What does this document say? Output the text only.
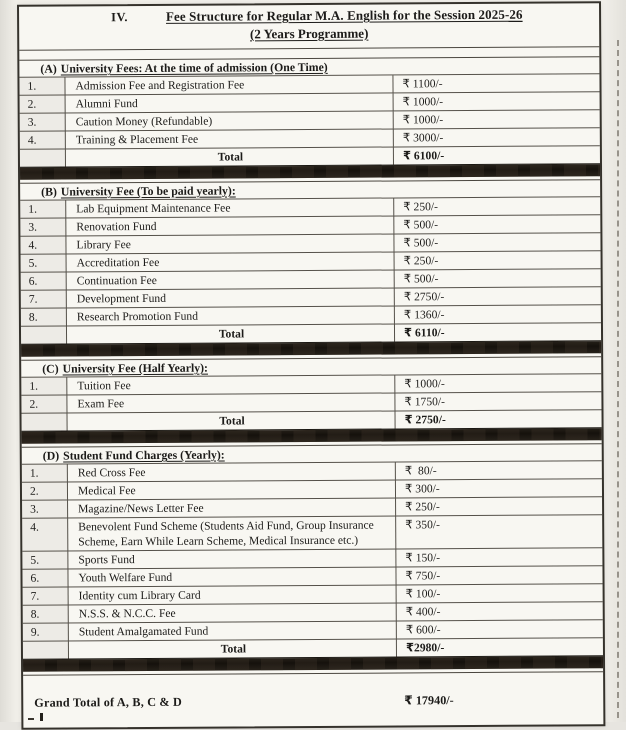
IV.	Fee Structure for Regular M.A. English for the Session 2025-26
(2 Years Programme)
(A) University Fees: At the time of admission (One Time)
1.	Admission Fee and Registration Fee	₹ 1100/-
2.	Alumni Fund	₹ 1000/-
3.	Caution Money (Refundable)	₹ 1000/-
4.	Training & Placement Fee	₹ 3000/-
Total	₹ 6100/-
(B) University Fee (To be paid yearly):
1.	Lab Equipment Maintenance Fee	₹ 250/-
3.	Renovation Fund	₹ 500/-
4.	Library Fee	₹ 500/-
5.	Accreditation Fee	₹ 250/-
6.	Continuation Fee	₹ 500/-
7.	Development Fund	₹ 2750/-
8.	Research Promotion Fund	₹ 1360/-
Total	₹ 6110/-
(C) University Fee (Half Yearly):
1.	Tuition Fee	₹ 1000/-
2.	Exam Fee	₹ 1750/-
Total	₹ 2750/-
(D) Student Fund Charges (Yearly):
1.	Red Cross Fee	₹  80/-
2.	Medical Fee	₹ 300/-
3.	Magazine/News Letter Fee	₹ 250/-
4.	Benevolent Fund Scheme (Students Aid Fund, Group Insurance Scheme, Earn While Learn Scheme, Medical Insurance etc.)
₹ 350/-
5.	Sports Fund	₹ 150/-
6.	Youth Welfare Fund	₹ 750/-
7.	Identity cum Library Card	₹ 100/-
8.	N.S.S. & N.C.C. Fee	₹ 400/-
9.	Student Amalgamated Fund	₹ 600/-
Total	₹2980/-
Grand Total of A, B, C & D	₹ 17940/-
